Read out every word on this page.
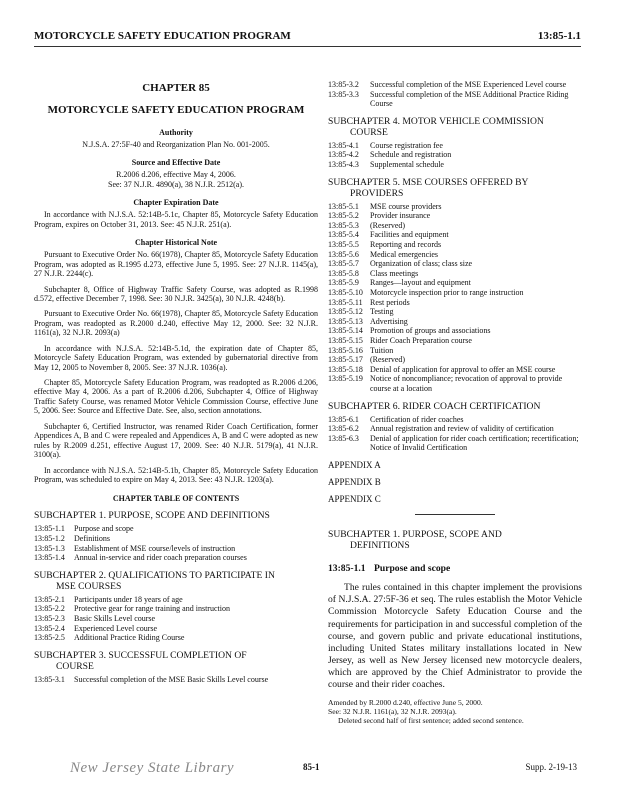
MOTORCYCLE SAFETY EDUCATION PROGRAM	13:85-1.1
CHAPTER 85
MOTORCYCLE SAFETY EDUCATION PROGRAM
Authority

N.J.S.A. 27:5F-40 and Reorganization Plan No. 001-2005.

Source and Effective Date

R.2006 d.206, effective May 4, 2006.

See: 37 N.J.R. 4890(a), 38 N.J.R. 2512(a).

Chapter Expiration Date

In accordance with N.J.S.A. 52:14B-5.1c, Chapter 85, Motorcycle Safety Education Program, expires on October 31, 2013. See: 45 N.J.R. 251(a).

Chapter Historical Note

Pursuant to Executive Order No. 66(1978), Chapter 85, Motorcycle Safety Education Program, was adopted as R.1995 d.273, effective June 5, 1995. See: 27 N.J.R. 1145(a), 27 N.J.R. 2244(c).

Subchapter 8, Office of Highway Traffic Safety Course, was adopted as R.1998 d.572, effective December 7, 1998. See: 30 N.J.R. 3425(a), 30 N.J.R. 4248(b).

Pursuant to Executive Order No. 66(1978), Chapter 85, Motorcycle Safety Education Program, was readopted as R.2000 d.240, effective May 12, 2000. See: 32 N.J.R. 1161(a), 32 N.J.R. 2093(a)

In accordance with N.J.S.A. 52:14B-5.1d, the expiration date of Chapter 85, Motorcycle Safety Education Program, was extended by gubernatorial directive from May 12, 2005 to November 8, 2005. See: 37 N.J.R. 1036(a).

Chapter 85, Motorcycle Safety Education Program, was readopted as R.2006 d.206, effective May 4, 2006. As a part of R.2006 d.206, Subchapter 4, Office of Highway Traffic Safety Course, was renamed Motor Vehicle Commission Course, effective June 5, 2006. See: Source and Effective Date. See, also, section annotations.

Subchapter 6, Certified Instructor, was renamed Rider Coach Certification, former Appendices A, B and C were repealed and Appendices A, B and C were adopted as new rules by R.2009 d.251, effective August 17, 2009. See: 40 N.J.R. 5179(a), 41 N.J.R. 3100(a).

In accordance with N.J.S.A. 52:14B-5.1b, Chapter 85, Motorcycle Safety Education Program, was scheduled to expire on May 4, 2013. See: 43 N.J.R. 1203(a).

CHAPTER TABLE OF CONTENTS
SUBCHAPTER 1. PURPOSE, SCOPE AND DEFINITIONS
13:85-1.1	Purpose and scope
13:85-1.2	Definitions
13:85-1.3	Establishment of MSE course/levels of instruction
13:85-1.4	Annual in-service and rider coach preparation courses
SUBCHAPTER 2. QUALIFICATIONS TO PARTICIPATE IN
MSE COURSES
13:85-2.1	Participants under 18 years of age
13:85-2.2	Protective gear for range training and instruction
13:85-2.3	Basic Skills Level course
13:85-2.4	Experienced Level course
13:85-2.5	Additional Practice Riding Course
SUBCHAPTER 3. SUCCESSFUL COMPLETION OF
COURSE
13:85-3.1	Successful completion of the MSE Basic Skills Level course
13:85-3.2	Successful completion of the MSE Experienced Level course
13:85-3.3	Successful completion of the MSE Additional Practice Riding Course
SUBCHAPTER 4. MOTOR VEHICLE COMMISSION
COURSE
13:85-4.1	Course registration fee
13:85-4.2	Schedule and registration
13:85-4.3	Supplemental schedule
SUBCHAPTER 5. MSE COURSES OFFERED BY
PROVIDERS
13:85-5.1	MSE course providers
13:85-5.2	Provider insurance
13:85-5.3	(Reserved)
13:85-5.4	Facilities and equipment
13:85-5.5	Reporting and records
13:85-5.6	Medical emergencies
13:85-5.7	Organization of class; class size
13:85-5.8	Class meetings
13:85-5.9	Ranges—layout and equipment
13:85-5.10 Motorcycle inspection prior to range instruction
13:85-5.11 Rest periods
13:85-5.12 Testing
13:85-5.13 Advertising
13:85-5.14 Promotion of groups and associations
13:85-5.15 Rider Coach Preparation course
13:85-5.16 Tuition
13:85-5.17 (Reserved)
13:85-5.18 Denial of application for approval to offer an MSE course
13:85-5.19 Notice of noncompliance; revocation of approval to provide course at a location
SUBCHAPTER 6. RIDER COACH CERTIFICATION
13:85-6.1	Certification of rider coaches
13:85-6.2	Annual registration and review of validity of certification
13:85-6.3	Denial of application for rider coach certification; recertification; Notice of Invalid Certification
APPENDIX A
APPENDIX B
APPENDIX C
SUBCHAPTER 1. PURPOSE, SCOPE AND
DEFINITIONS
13:85-1.1 Purpose and scope

The rules contained in this chapter implement the provisions of N.J.S.A. 27:5F-36 et seq. The rules establish the Motor Vehicle Commission Motorcycle Safety Education Course and the requirements for participation in and successful completion of the course, and govern public and private educational institutions, including United States military installations located in New Jersey, as well as New Jersey licensed new motorcycle dealers, which are approved by the Chief Administrator to provide the course and their rider coaches.

Amended by R.2000 d.240, effective June 5, 2000.

See: 32 N.J.R. 1161(a), 32 N.J.R. 2093(a).

Deleted second half of first sentence; added second sentence.

New Jersey State Library	85-1	Supp. 2-19-13
